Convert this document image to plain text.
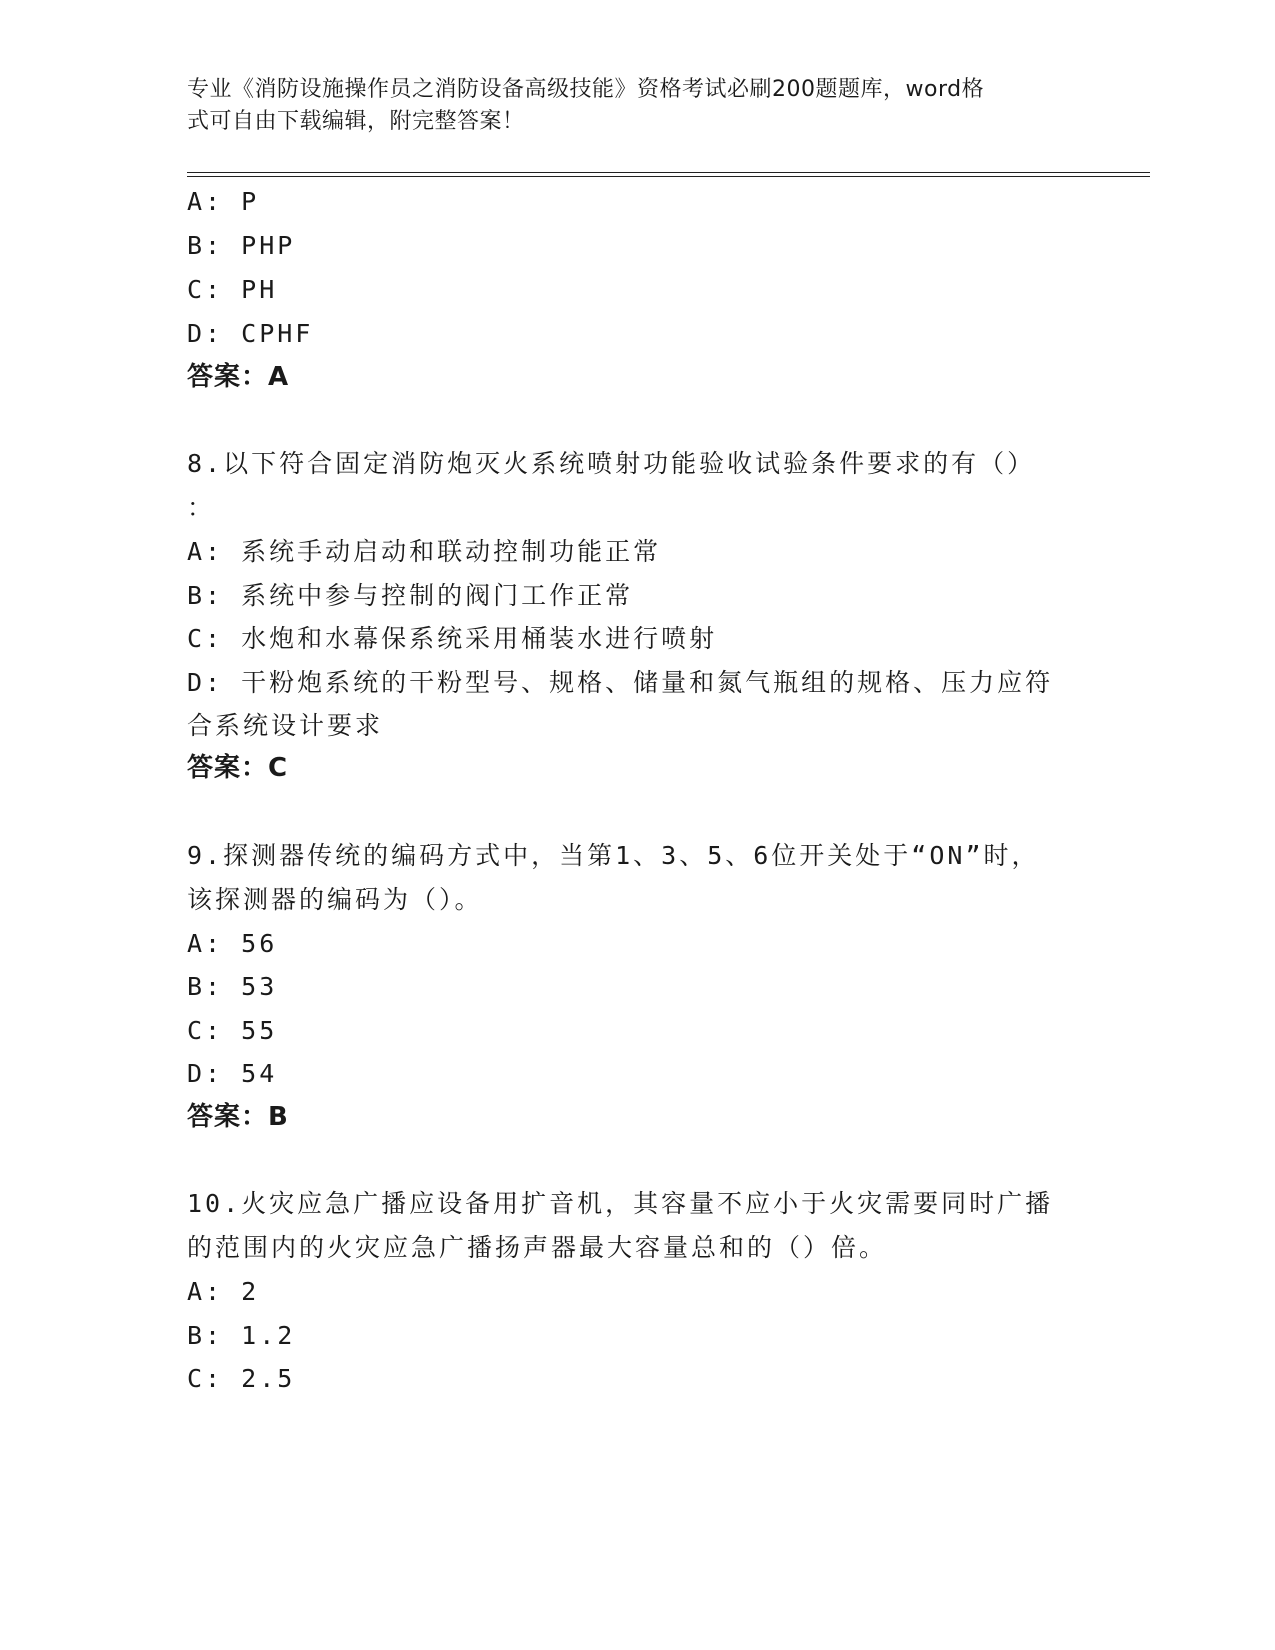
专业《消防设施操作员之消防设备高级技能》资格考试必刷200题题库，word格
式可自由下载编辑，附完整答案！
A: P
B: PHP
C: PH
D: CPHF
答案：A
8.以下符合固定消防炮灭火系统喷射功能验收试验条件要求的有（）
：
A: 系统手动启动和联动控制功能正常
B: 系统中参与控制的阀门工作正常
C: 水炮和水幕保系统采用桶装水进行喷射
D: 干粉炮系统的干粉型号、规格、储量和氮气瓶组的规格、压力应符
合系统设计要求
答案：C
9.探测器传统的编码方式中，当第1、3、5、6位开关处于“ON”时，
该探测器的编码为（）。
A: 56
B: 53
C: 55
D: 54
答案：B
10.火灾应急广播应设备用扩音机，其容量不应小于火灾需要同时广播
的范围内的火灾应急广播扬声器最大容量总和的（）倍。
A: 2
B: 1.2
C: 2.5
